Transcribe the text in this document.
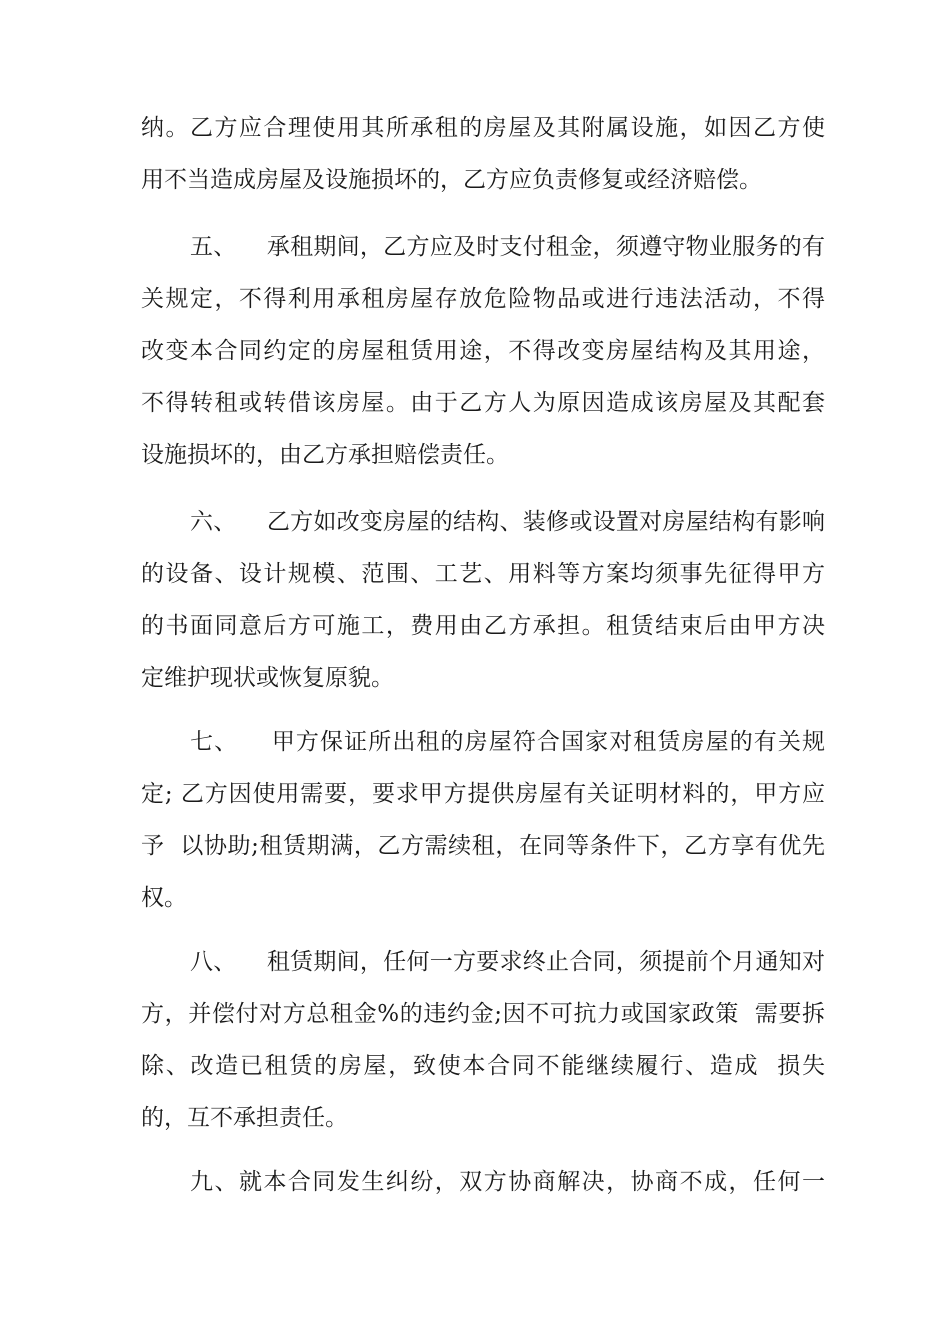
纳。乙方应合理使用其所承租的房屋及其附属设施，如因乙方使
用不当造成房屋及设施损坏的，乙方应负责修复或经济赔偿。
五、    承租期间，乙方应及时支付租金，须遵守物业服务的有
关规定，不得利用承租房屋存放危险物品或进行违法活动，不得
改变本合同约定的房屋租赁用途，不得改变房屋结构及其用途，
不得转租或转借该房屋。由于乙方人为原因造成该房屋及其配套
设施损坏的，由乙方承担赔偿责任。
六、    乙方如改变房屋的结构、装修或设置对房屋结构有影响
的设备、设计规模、范围、工艺、用料等方案均须事先征得甲方
的书面同意后方可施工，费用由乙方承担。租赁结束后由甲方决
定维护现状或恢复原貌。
七、    甲方保证所出租的房屋符合国家对租赁房屋的有关规
定; 乙方因使用需要，要求甲方提供房屋有关证明材料的，甲方应
予  以协助;租赁期满，乙方需续租，在同等条件下，乙方享有优先
权。
八、    租赁期间，任何一方要求终止合同，须提前个月通知对
方，并偿付对方总租金%的违约金;因不可抗力或国家政策  需要拆
除、改造已租赁的房屋，致使本合同不能继续履行、造成  损失
的，互不承担责任。
九、就本合同发生纠纷，双方协商解决，协商不成，任何一
